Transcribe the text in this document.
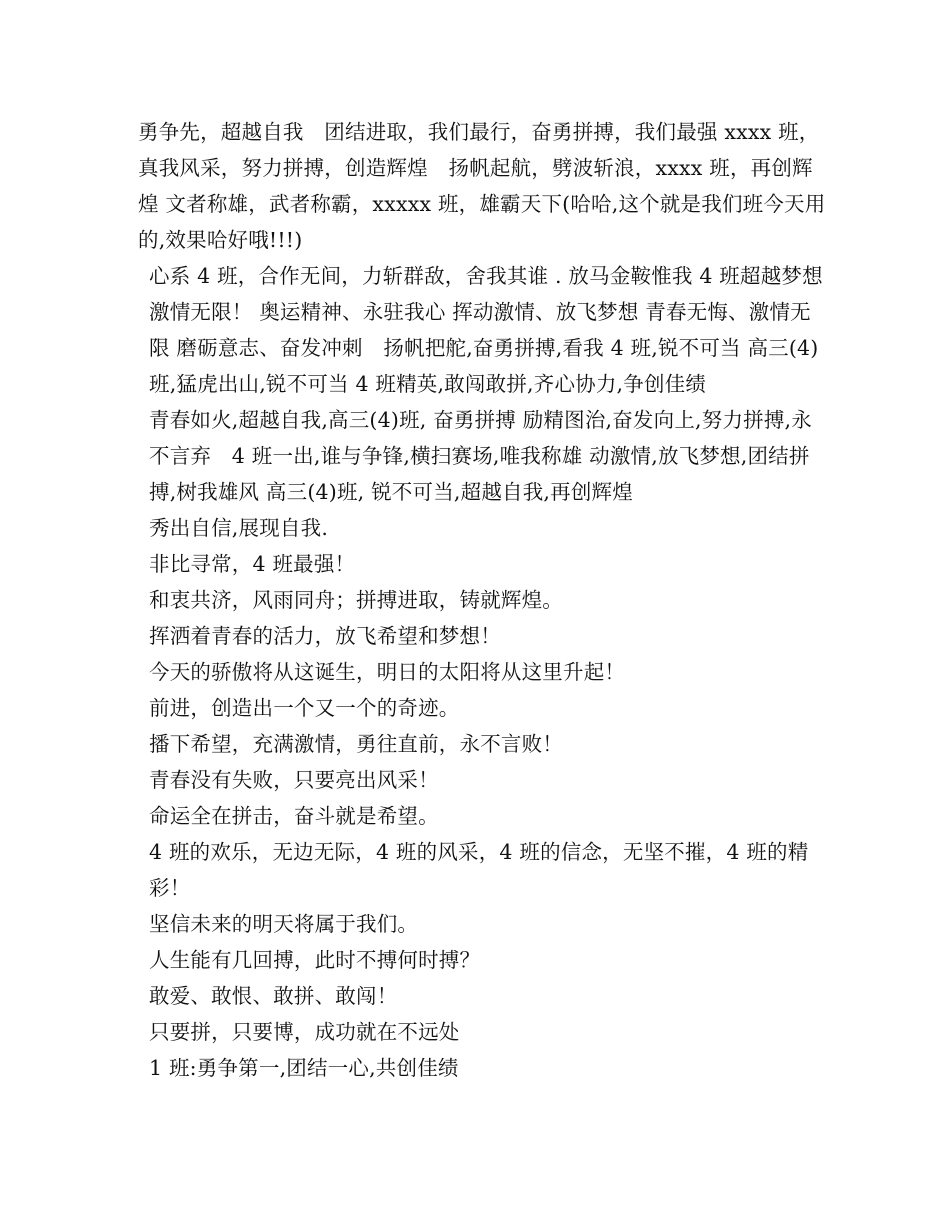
勇争先，超越自我　团结进取，我们最行，奋勇拼搏，我们最强 xxxx 班，真我风采，努力拼搏，创造辉煌　扬帆起航，劈波斩浪，xxxx 班，再创辉煌 文者称雄，武者称霸，xxxxx 班，雄霸天下(哈哈,这个就是我们班今天用的,效果哈好哦!!!)

心系 4 班，合作无间，力斩群敌，舍我其谁 . 放马金鞍惟我 4 班超越梦想激情无限！ 奥运精神、永驻我心 挥动激情、放飞梦想 青春无悔、激情无限 磨砺意志、奋发冲刺　扬帆把舵,奋勇拼搏,看我 4 班,锐不可当 高三(4)班,猛虎出山,锐不可当 4 班精英,敢闯敢拼,齐心协力,争创佳绩

青春如火,超越自我,高三(4)班, 奋勇拼搏 励精图治,奋发向上,努力拼搏,永不言弃　4 班一出,谁与争锋,横扫赛场,唯我称雄 动激情,放飞梦想,团结拼搏,树我雄风 高三(4)班, 锐不可当,超越自我,再创辉煌

秀出自信,展现自我.

非比寻常，4 班最强！

和衷共济，风雨同舟；拼搏进取，铸就辉煌。

挥洒着青春的活力，放飞希望和梦想！

今天的骄傲将从这诞生，明日的太阳将从这里升起！

前进，创造出一个又一个的奇迹。

播下希望，充满激情，勇往直前，永不言败！

青春没有失败，只要亮出风采！

命运全在拼击，奋斗就是希望。

4 班的欢乐，无边无际，4 班的风采，4 班的信念，无坚不摧，4 班的精彩！

坚信未来的明天将属于我们。

人生能有几回搏，此时不搏何时搏？

敢爱、敢恨、敢拼、敢闯！

只要拼，只要博，成功就在不远处

1 班:勇争第一,团结一心,共创佳绩
